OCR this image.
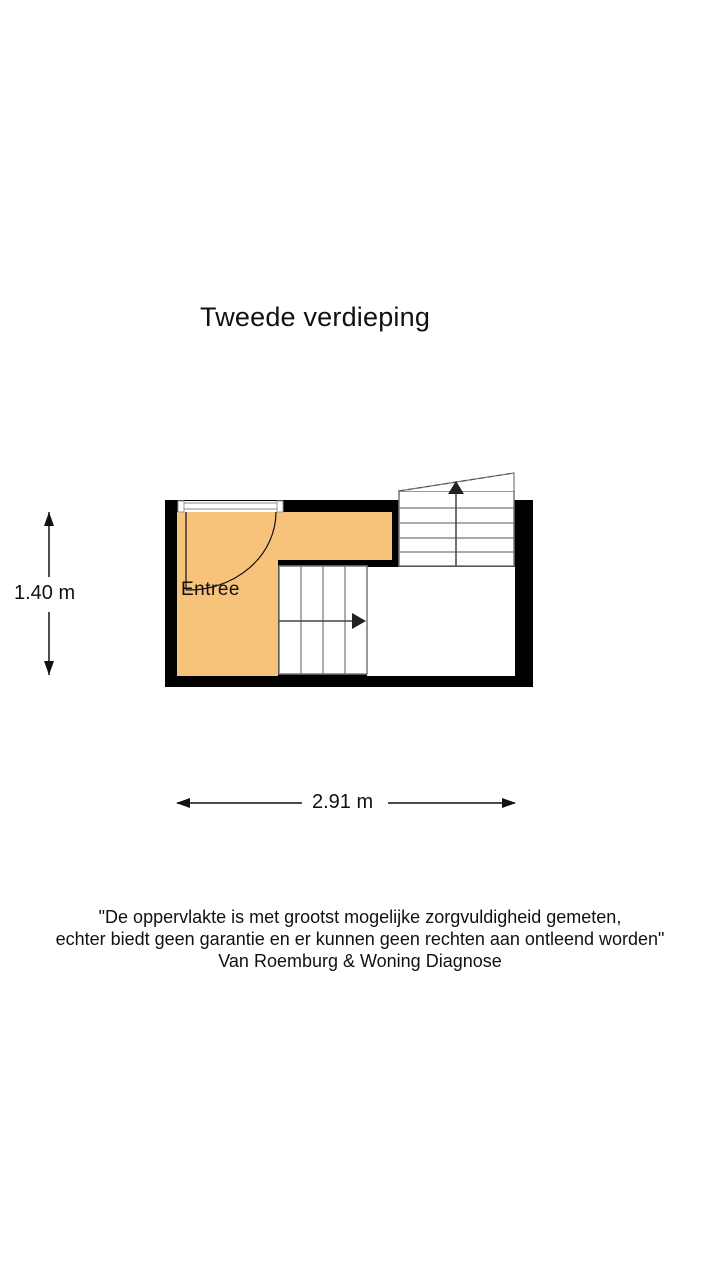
Tweede verdieping
Entree
1.40 m
2.91 m
"De oppervlakte is met grootst mogelijke zorgvuldigheid gemeten,
echter biedt geen garantie en er kunnen geen rechten aan ontleend worden"
Van Roemburg & Woning Diagnose
